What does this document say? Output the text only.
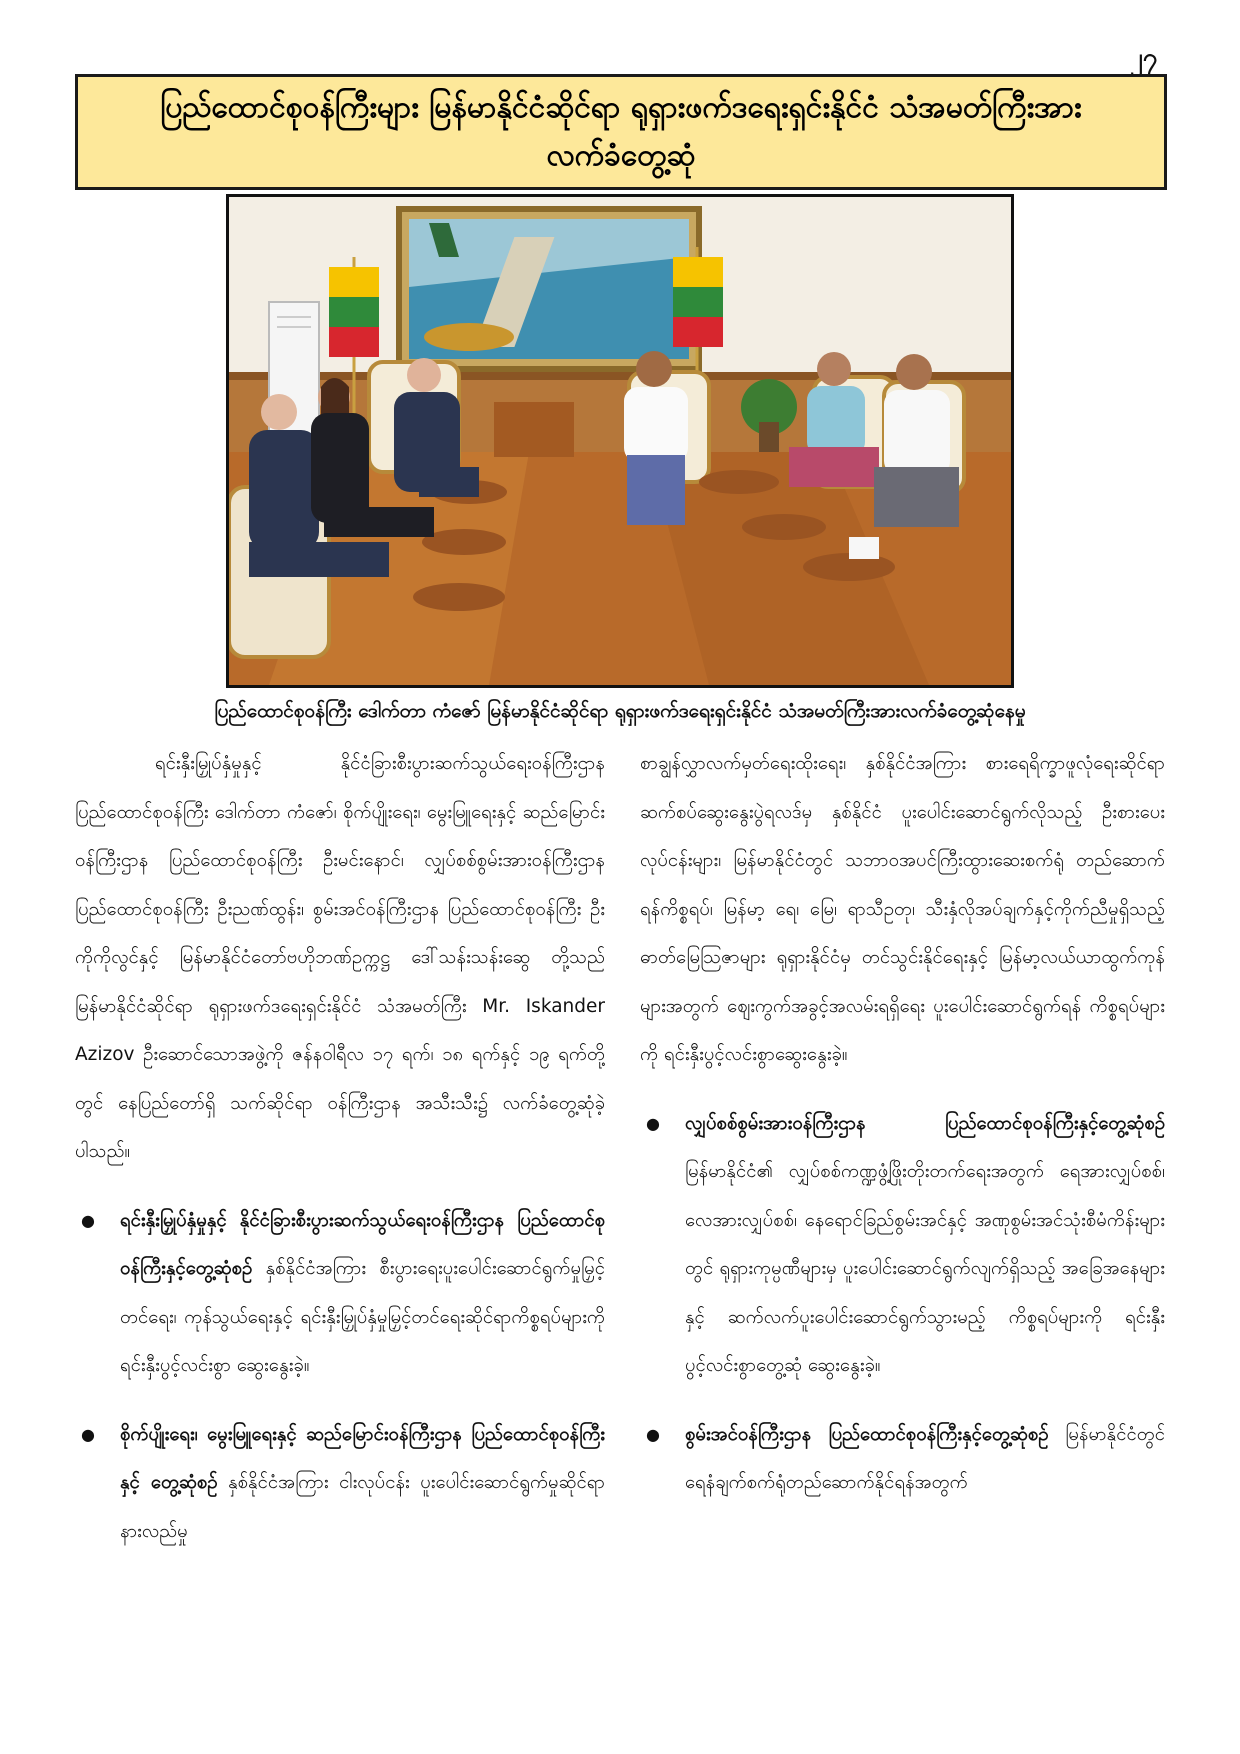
၂၇
ပြည်ထောင်စုဝန်ကြီးများ မြန်မာနိုင်ငံဆိုင်ရာ ရုရှားဖက်ဒရေးရှင်းနိုင်ငံ သံအမတ်ကြီးအား
လက်ခံတွေ့ဆုံ
ပြည်ထောင်စုဝန်ကြီး ဒေါက်တာ ကံဇော် မြန်မာနိုင်ငံဆိုင်ရာ ရုရှားဖက်ဒရေးရှင်းနိုင်ငံ သံအမတ်ကြီးအားလက်ခံတွေ့ဆုံနေမှု

ရင်းနှီးမြှုပ်နှံမှုနှင့် နိုင်ငံခြားစီးပွားဆက်သွယ်ရေးဝန်ကြီးဌာန ပြည်ထောင်စုဝန်ကြီး ဒေါက်တာ ကံဇော်၊ စိုက်ပျိုးရေး၊ မွေးမြူရေးနှင့် ဆည်မြောင်းဝန်ကြီးဌာန ပြည်ထောင်စုဝန်ကြီး ဦးမင်းနောင်၊ လျှပ်စစ်စွမ်းအားဝန်ကြီးဌာန ပြည်ထောင်စုဝန်ကြီး ဦးညဏ်ထွန်း၊ စွမ်းအင်ဝန်ကြီးဌာန ပြည်ထောင်စုဝန်ကြီး ဦးကိုကိုလွင်နှင့် မြန်မာနိုင်ငံတော်ဗဟိုဘဏ်ဥက္ကဋ္ဌ ဒေါ်သန်းသန်းဆွေ တို့သည် မြန်မာနိုင်ငံဆိုင်ရာ ရုရှားဖက်ဒရေးရှင်းနိုင်ငံ သံအမတ်ကြီး Mr. Iskander Azizov ဦးဆောင်သောအဖွဲ့ကို ဇန်နဝါရီလ ၁၇ ရက်၊ ၁၈ ရက်နှင့် ၁၉ ရက်တို့တွင် နေပြည်တော်ရှိ သက်ဆိုင်ရာ ဝန်ကြီးဌာန အသီးသီး၌ လက်ခံတွေ့ဆုံခဲ့ပါသည်။

● ရင်းနှီးမြှုပ်နှံမှုနှင့် နိုင်ငံခြားစီးပွားဆက်သွယ်ရေးဝန်ကြီးဌာန ပြည်ထောင်စုဝန်ကြီးနှင့်တွေ့ဆုံစဉ် နှစ်နိုင်ငံအကြား စီးပွားရေးပူးပေါင်းဆောင်ရွက်မှုမြှင့်တင်ရေး၊ ကုန်သွယ်ရေးနှင့် ရင်းနှီးမြှုပ်နှံမှုမြှင့်တင်ရေးဆိုင်ရာကိစ္စရပ်များကို ရင်းနှီးပွင့်လင်းစွာ ဆွေးနွေးခဲ့။

● စိုက်ပျိုးရေး၊ မွေးမြူရေးနှင့် ဆည်မြောင်းဝန်ကြီးဌာန ပြည်ထောင်စုဝန်ကြီးနှင့် တွေ့ဆုံစဉ် နှစ်နိုင်ငံအကြား ငါးလုပ်ငန်း ပူးပေါင်းဆောင်ရွက်မှုဆိုင်ရာ နားလည်မှု

စာချွန်လွှာလက်မှတ်ရေးထိုးရေး၊ နှစ်နိုင်ငံအကြား စားရေရိက္ခာဖူလုံရေးဆိုင်ရာ ဆက်စပ်ဆွေးနွေးပွဲရလဒ်မှ နှစ်နိုင်ငံ ပူးပေါင်းဆောင်ရွက်လိုသည့် ဦးစားပေးလုပ်ငန်းများ၊ မြန်မာနိုင်ငံတွင် သဘာဝအပင်ကြီးထွားဆေးစက်ရုံ တည်ဆောက်ရန်ကိစ္စရပ်၊ မြန်မာ့ ရေ၊ မြေ၊ ရာသီဥတု၊ သီးနှံလိုအပ်ချက်နှင့်ကိုက်ညီမှုရှိသည့် ဓာတ်မြေဩဇာများ ရုရှားနိုင်ငံမှ တင်သွင်းနိုင်ရေးနှင့် မြန်မာ့လယ်ယာထွက်ကုန်များအတွက် ဈေးကွက်အခွင့်အလမ်းရရှိရေး ပူးပေါင်းဆောင်ရွက်ရန် ကိစ္စရပ်များကို ရင်းနှီးပွင့်လင်းစွာဆွေးနွေးခဲ့။

● လျှပ်စစ်စွမ်းအားဝန်ကြီးဌာန ပြည်ထောင်စုဝန်ကြီးနှင့်တွေ့ဆုံစဉ် မြန်မာနိုင်ငံ၏ လျှပ်စစ်ကဏ္ဍဖွံ့ဖြိုးတိုးတက်ရေးအတွက် ရေအားလျှပ်စစ်၊ လေအားလျှပ်စစ်၊ နေရောင်ခြည်စွမ်းအင်နှင့် အဏုစွမ်းအင်သုံးစီမံကိန်းများတွင် ရုရှားကုမ္ပဏီများမှ ပူးပေါင်းဆောင်ရွက်လျက်ရှိသည့် အခြေအနေများနှင့် ဆက်လက်ပူးပေါင်းဆောင်ရွက်သွားမည့် ကိစ္စရပ်များကို ရင်းနှီးပွင့်လင်းစွာတွေ့ဆုံ ဆွေးနွေးခဲ့။

● စွမ်းအင်ဝန်ကြီးဌာန ပြည်ထောင်စုဝန်ကြီးနှင့်တွေ့ဆုံစဉ် မြန်မာနိုင်ငံတွင် ရေနံချက်စက်ရုံတည်ဆောက်နိုင်ရန်အတွက်
